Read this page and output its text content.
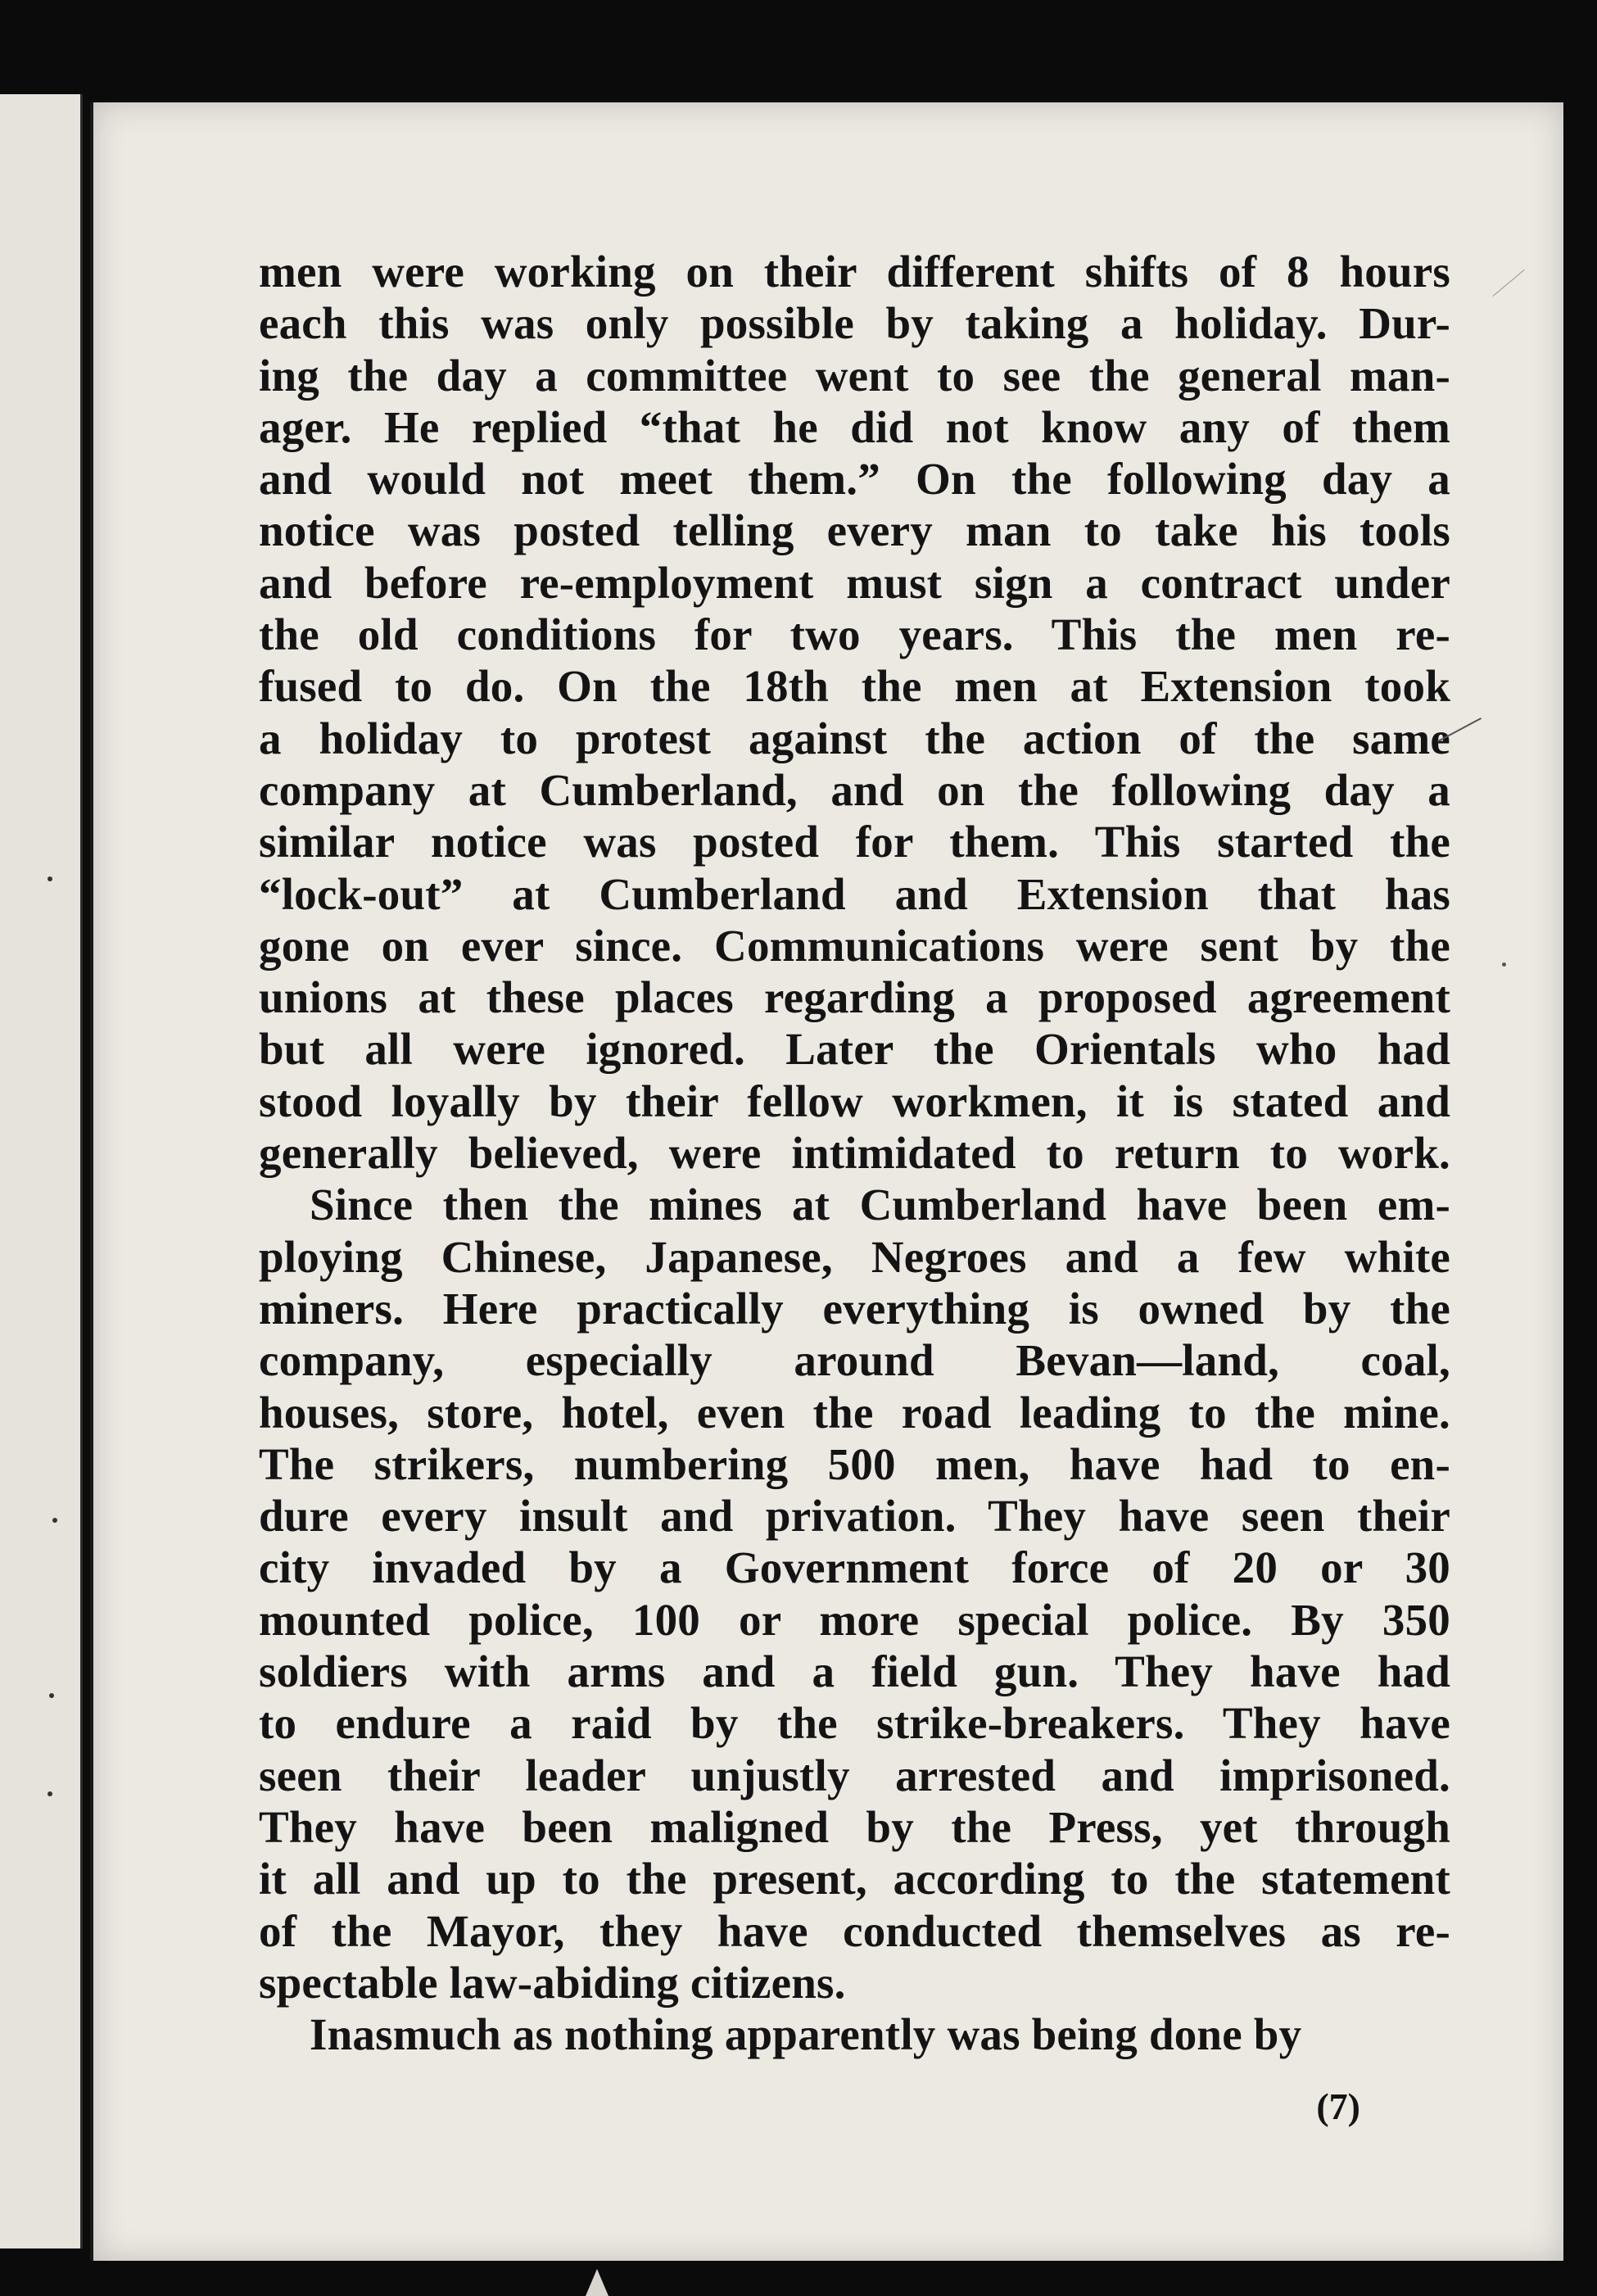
men were working on their different shifts of 8 hours
each this was only possible by taking a holiday. Dur-
ing the day a committee went to see the general man-
ager. He replied “that he did not know any of them
and would not meet them.” On the following day a
notice was posted telling every man to take his tools
and before re-employment must sign a contract under
the old conditions for two years. This the men re-
fused to do. On the 18th the men at Extension took
a holiday to protest against the action of the same
company at Cumberland, and on the following day a
similar notice was posted for them. This started the
“lock-out” at Cumberland and Extension that has
gone on ever since. Communications were sent by the
unions at these places regarding a proposed agreement
but all were ignored. Later the Orientals who had
stood loyally by their fellow workmen, it is stated and
generally believed, were intimidated to return to work.
Since then the mines at Cumberland have been em-
ploying Chinese, Japanese, Negroes and a few white
miners. Here practically everything is owned by the
company, especially around Bevan—land, coal,
houses, store, hotel, even the road leading to the mine.
The strikers, numbering 500 men, have had to en-
dure every insult and privation. They have seen their
city invaded by a Government force of 20 or 30
mounted police, 100 or more special police. By 350
soldiers with arms and a field gun. They have had
to endure a raid by the strike-breakers. They have
seen their leader unjustly arrested and imprisoned.
They have been maligned by the Press, yet through
it all and up to the present, according to the statement
of the Mayor, they have conducted themselves as re-
spectable law-abiding citizens.
Inasmuch as nothing apparently was being done by
(7)
